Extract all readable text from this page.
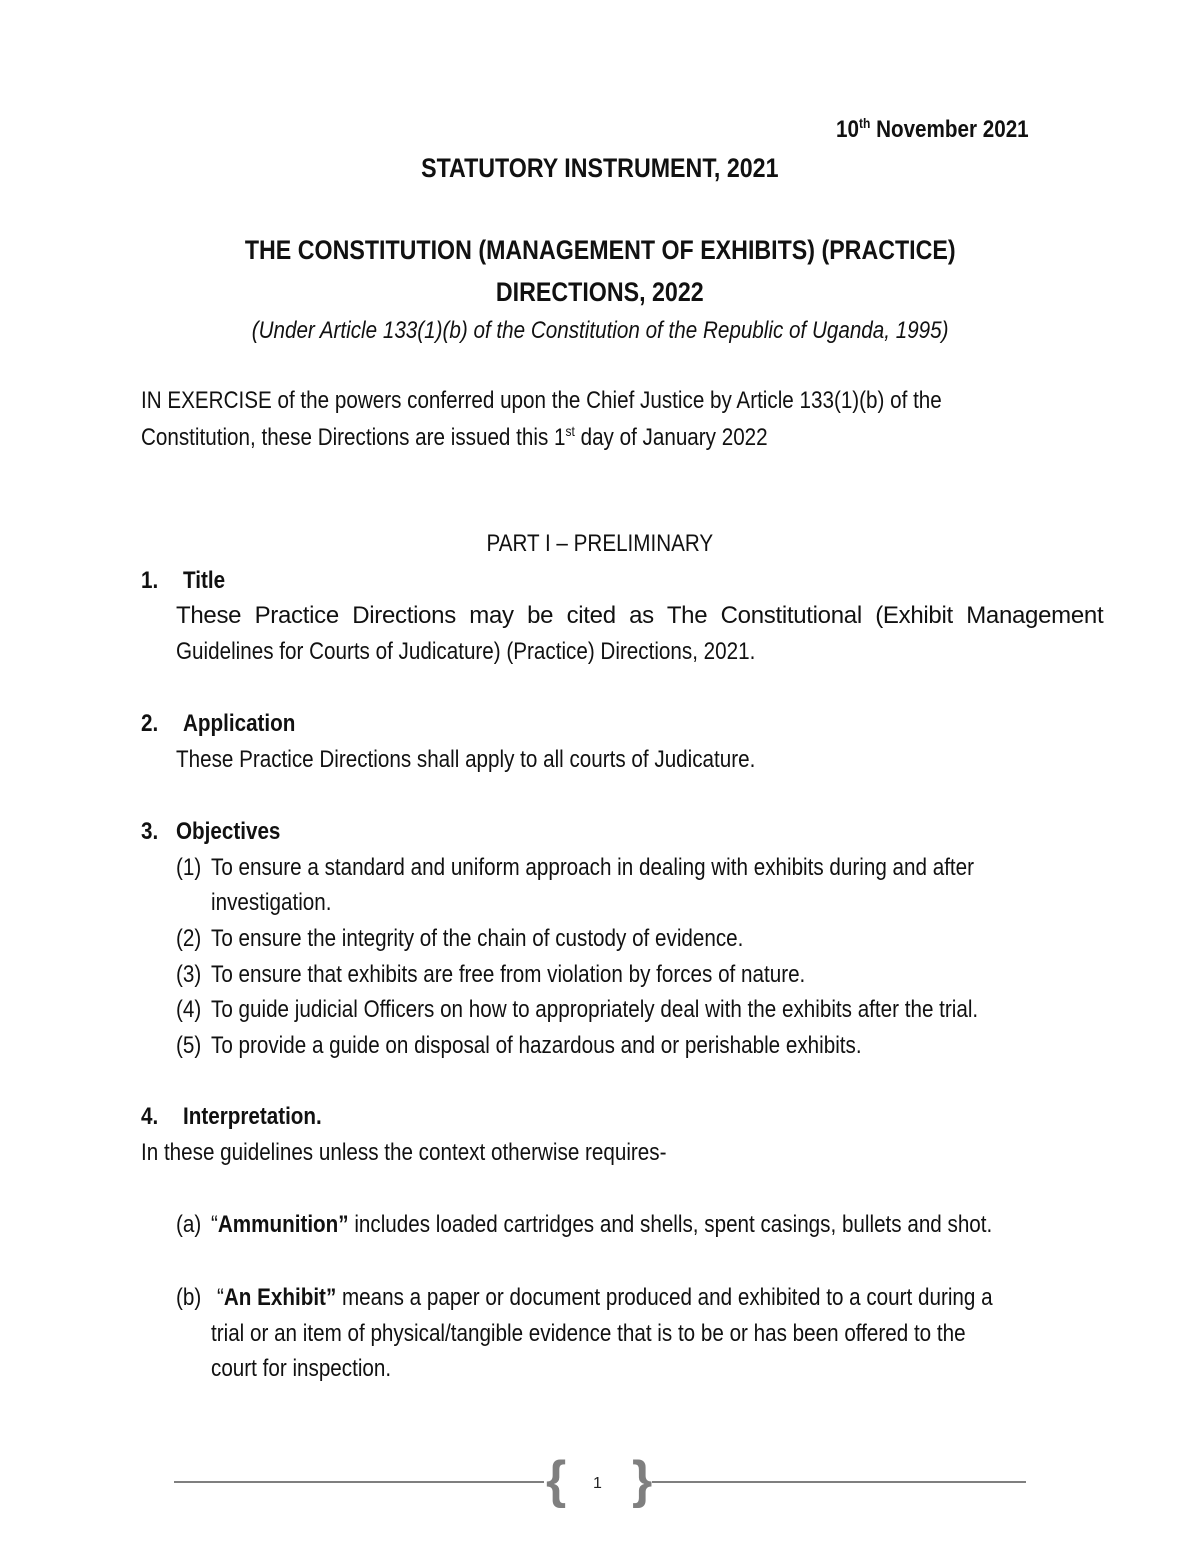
10th November 2021
STATUTORY INSTRUMENT, 2021
THE CONSTITUTION (MANAGEMENT OF EXHIBITS) (PRACTICE)
DIRECTIONS, 2022
(Under Article 133(1)(b) of the Constitution of the Republic of Uganda, 1995)
IN EXERCISE of the powers conferred upon the Chief Justice by Article 133(1)(b) of the
Constitution, these Directions are issued this 1st day of January 2022
PART I – PRELIMINARY
1. Title
These Practice Directions may be cited as The Constitutional (Exhibit Management
Guidelines for Courts of Judicature) (Practice) Directions, 2021.
2. Application
These Practice Directions shall apply to all courts of Judicature.
3. Objectives
(1) To ensure a standard and uniform approach in dealing with exhibits during and after
investigation.
(2) To ensure the integrity of the chain of custody of evidence.
(3) To ensure that exhibits are free from violation by forces of nature.
(4) To guide judicial Officers on how to appropriately deal with the exhibits after the trial.
(5) To provide a guide on disposal of hazardous and or perishable exhibits.
4. Interpretation.
In these guidelines unless the context otherwise requires-
(a) “Ammunition” includes loaded cartridges and shells, spent casings, bullets and shot.
(b) “An Exhibit” means a paper or document produced and exhibited to a court during a
trial or an item of physical/tangible evidence that is to be or has been offered to the
court for inspection.
{ 1 }
